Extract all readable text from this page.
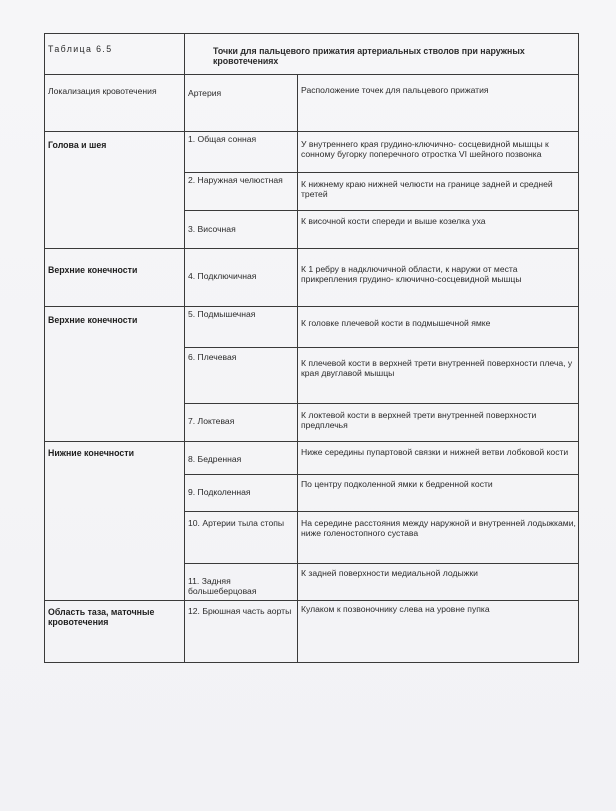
Таблица 6.5	Точки для пальцевого прижатия артериальных стволов при наружных кровотечениях	
Локализация кровотечения	Артерия	Расположение точек для пальцевого прижатия
Голова и шея	1. Общая сонная	У внутреннего края грудино-ключично- сосцевидной мышцы к сонному бугорку поперечного отростка VI шейного позвонка
	2. Наружная челюстная	К нижнему краю нижней челюсти на границе задней и средней третей
	3. Височная	К височной кости спереди и выше козелка уха
Верхние конечности	4. Подключичная	К 1 ребру в надключичной области, к наружи от места прикрепления грудино- ключично-сосцевидной мышцы
Верхние конечности	5. Подмышечная	К головке плечевой кости в подмышечной ямке
	6. Плечевая	К плечевой кости в верхней трети внутренней поверхности плеча, у края двуглавой мышцы
	7. Локтевая	К локтевой кости в верхней трети внутренней поверхности предплечья
Нижние конечности	8. Бедренная	Ниже середины пупартовой связки и нижней ветви лобковой кости
	9. Подколенная	По центру подколенной ямки к бедренной кости
	10. Артерии тыла стопы	На середине расстояния между наружной и внутренней лодыжками, ниже голеностопного сустава
	11. Задняя большеберцовая	К задней поверхности медиальной лодыжки
Область таза, маточные кровотечения	12. Брюшная часть аорты	Кулаком к позвоночнику слева на уровне пупка
